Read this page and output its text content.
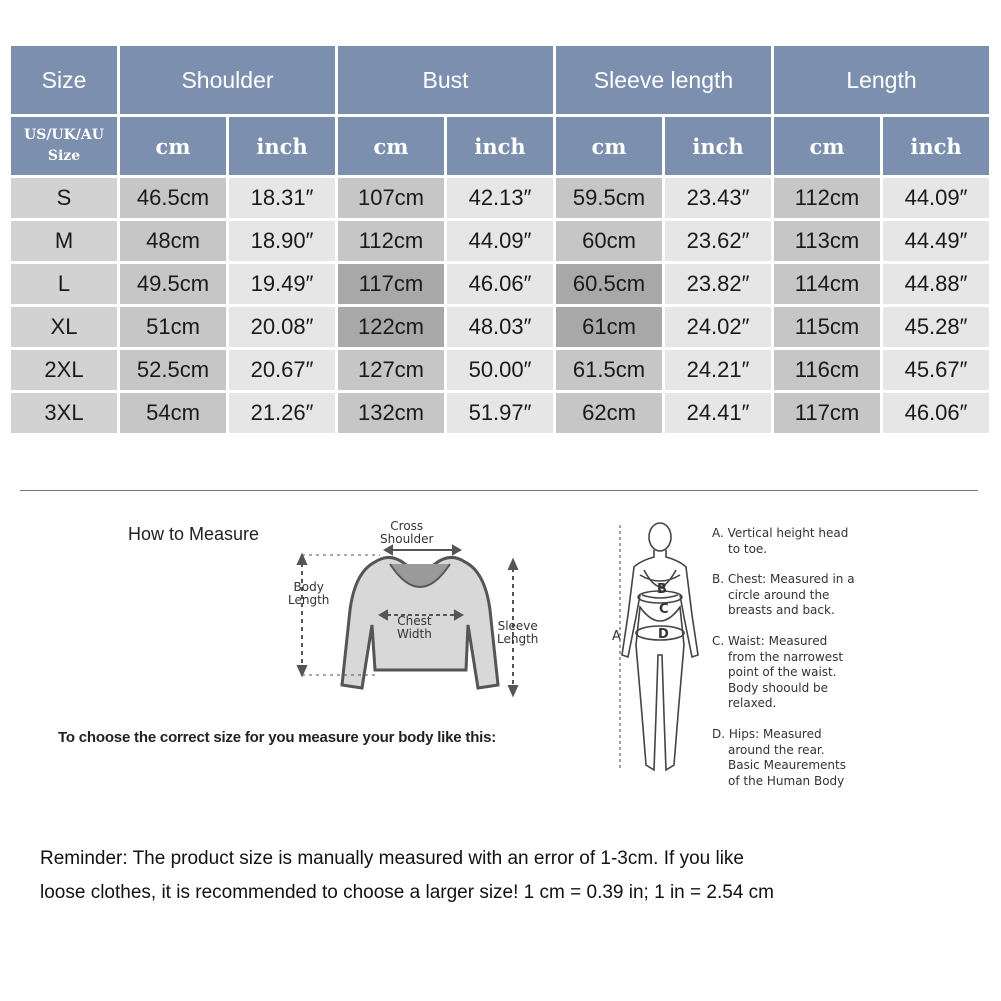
Size	Shoulder		Bust		Sleeve length		Length	

US/UK/AU
Size	cm	inch	cm	inch	cm	inch	cm	inch
S	46.5cm	18.31″	107cm	42.13″	59.5cm	23.43″	112cm	44.09″
M	48cm	18.90″	112cm	44.09″	60cm	23.62″	113cm	44.49″
L	49.5cm	19.49″	117cm	46.06″	60.5cm	23.82″	114cm	44.88″
XL	51cm	20.08″	122cm	48.03″	61cm	24.02″	115cm	45.28″
2XL	52.5cm	20.67″	127cm	50.00″	61.5cm	24.21″	116cm	45.67″
3XL	54cm	21.26″	132cm	51.97″	62cm	24.41″	117cm	46.06″
How to Measure	Cross
Shoulder
Body
Length
Chest
Width
Sleeve
Length
To choose the correct size for you measure your body like this:
A
B
C
D
A. Vertical height head
to toe.
B. Chest: Measured in a
circle around the
breasts and back.
C. Waist: Measured
from the narrowest
point of the waist.
Body shoould be
relaxed.
D. Hips: Measured
around the rear.
Basic Meaurements
of the Human Body
Reminder: The product size is manually measured with an error of 1-3cm. If you like
loose clothes, it is recommended to choose a larger size! 1 cm = 0.39 in; 1 in = 2.54 cm
